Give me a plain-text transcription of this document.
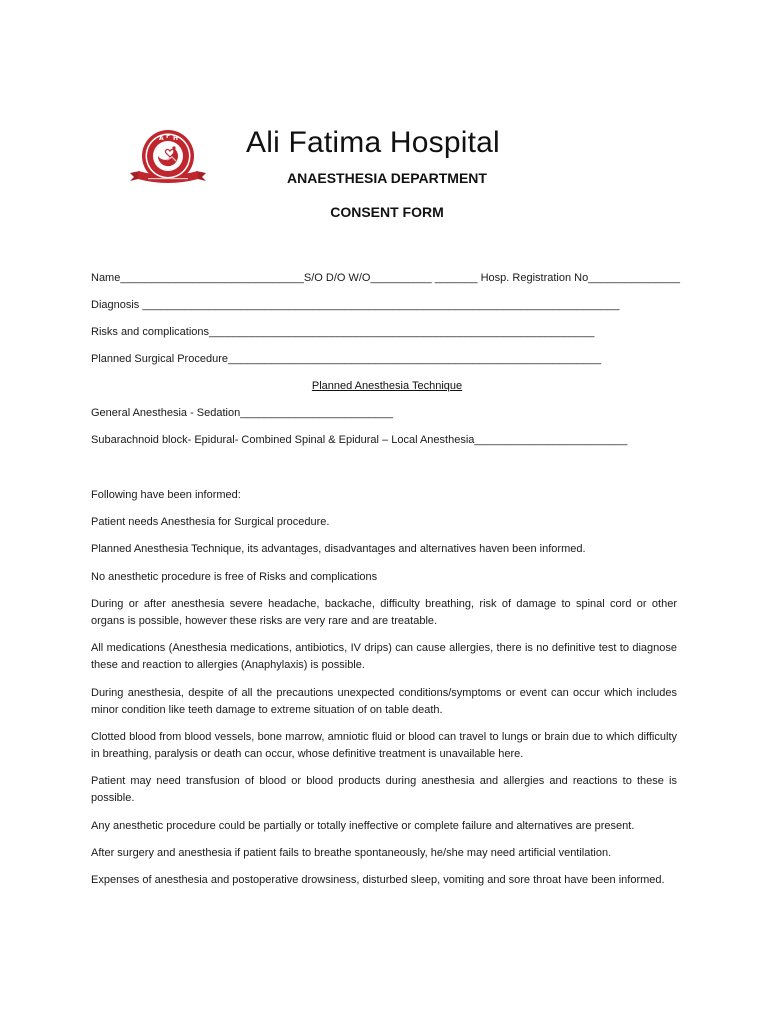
A F H Ali Fatima Hospital
ANAESTHESIA DEPARTMENT
CONSENT FORM
Name______________________________S/O D/O W/O__________ _______ Hosp. Registration No_______________
Diagnosis ______________________________________________________________________________
Risks and complications_______________________________________________________________
Planned Surgical Procedure_____________________________________________________________
Planned Anesthesia Technique
General Anesthesia - Sedation_________________________
Subarachnoid block- Epidural- Combined Spinal & Epidural – Local Anesthesia_________________________
Following have been informed:
Patient needs Anesthesia for Surgical procedure.
Planned Anesthesia Technique, its advantages, disadvantages and alternatives haven been informed.
No anesthetic procedure is free of Risks and complications
During or after anesthesia severe headache, backache, difficulty breathing, risk of damage to spinal cord or other organs is possible, however these risks are very rare and are treatable.
All medications (Anesthesia medications, antibiotics, IV drips) can cause allergies, there is no definitive test to diagnose these and reaction to allergies (Anaphylaxis) is possible.
During anesthesia, despite of all the precautions unexpected conditions/symptoms or event can occur which includes minor condition like teeth damage to extreme situation of on table death.
Clotted blood from blood vessels, bone marrow, amniotic fluid or blood can travel to lungs or brain due to which difficulty in breathing, paralysis or death can occur, whose definitive treatment is unavailable here.
Patient may need transfusion of blood or blood products during anesthesia and allergies and reactions to these is possible.
Any anesthetic procedure could be partially or totally ineffective or complete failure and alternatives are present.
After surgery and anesthesia if patient fails to breathe spontaneously, he/she may need artificial ventilation.
Expenses of anesthesia and postoperative drowsiness, disturbed sleep, vomiting and sore throat have been informed.
